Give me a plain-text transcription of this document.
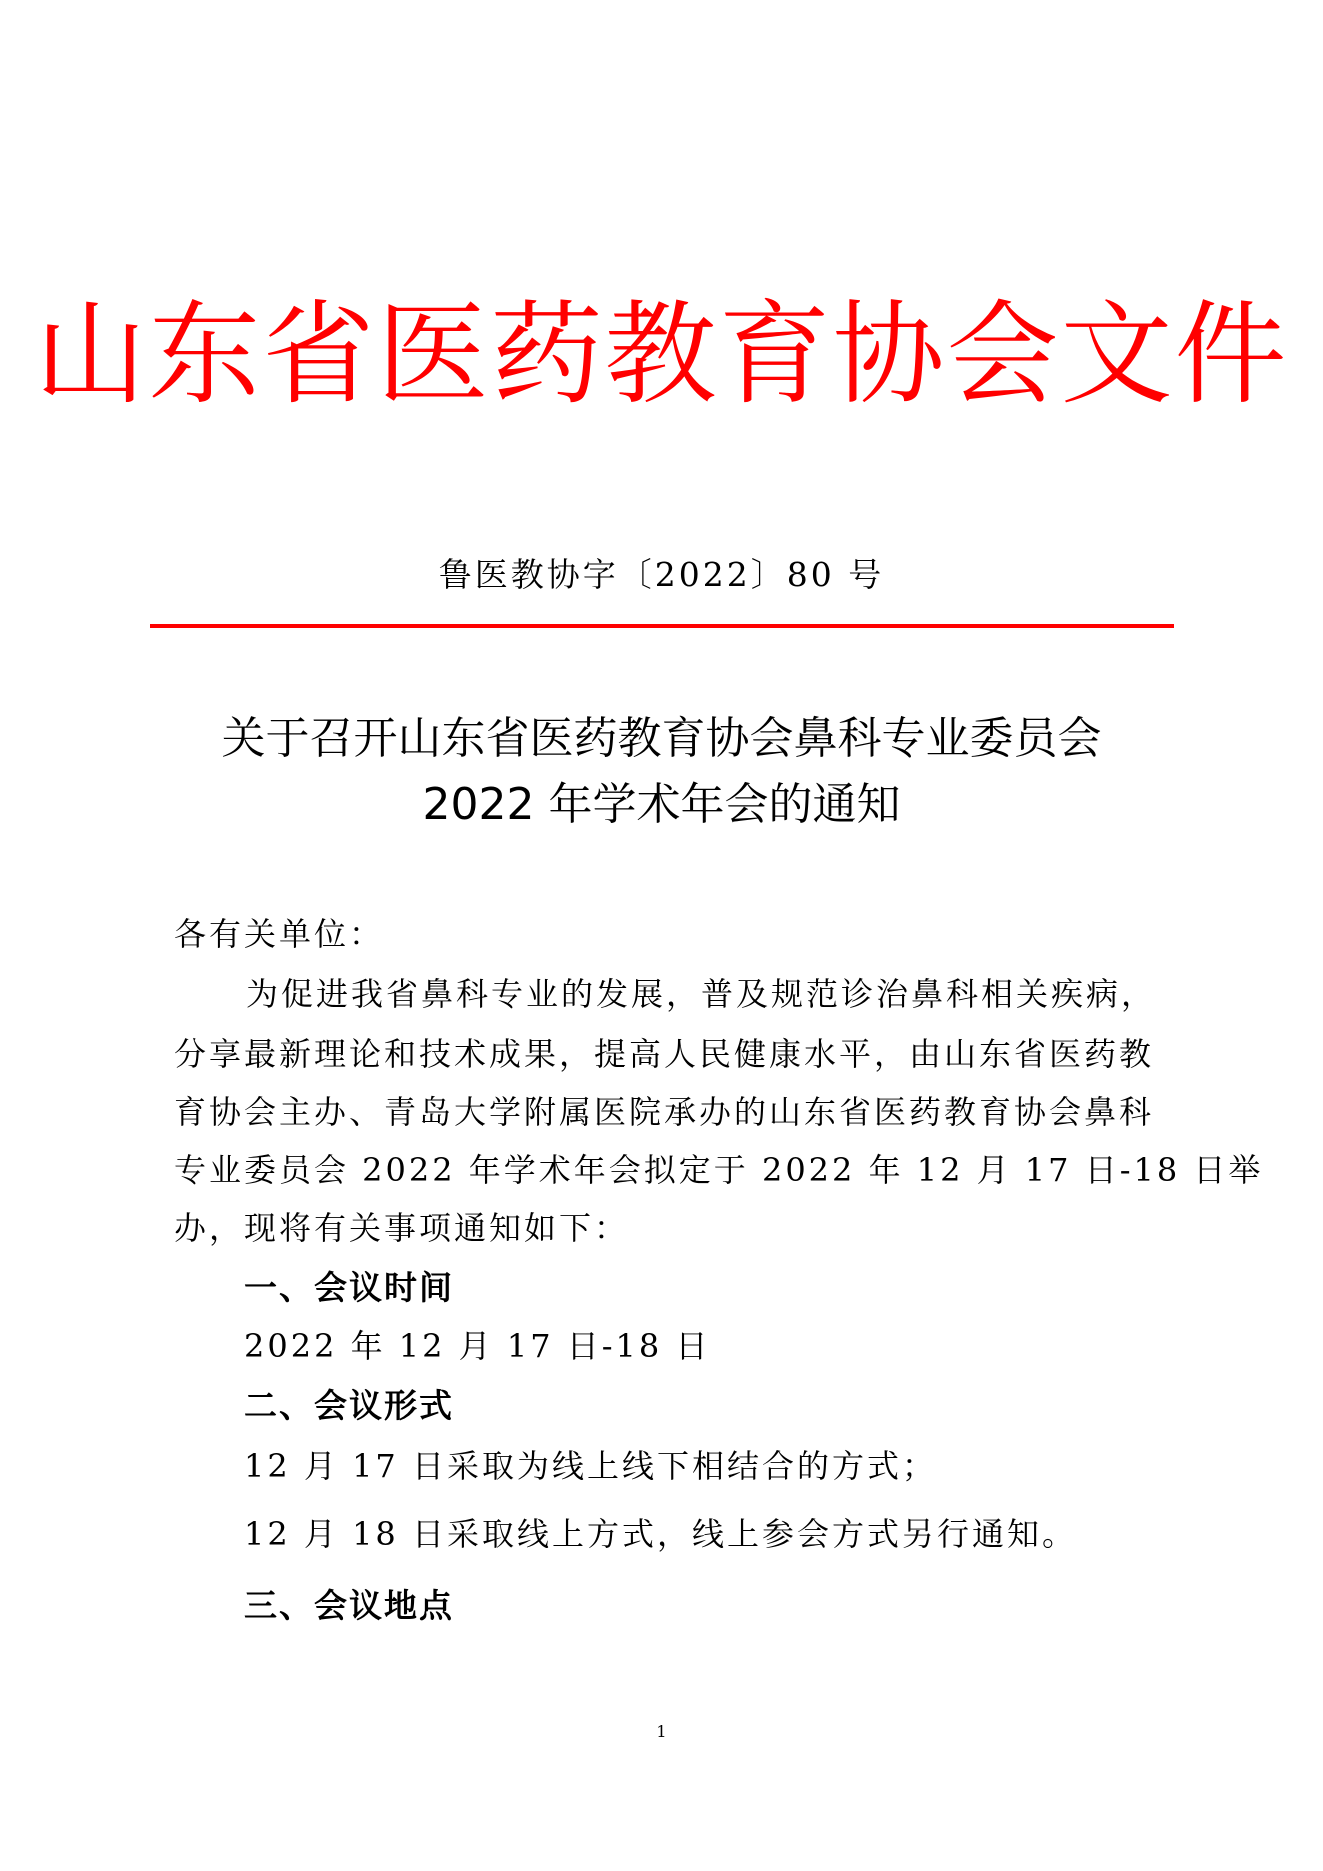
山东省医药教育协会文件
鲁医教协字〔2022〕80 号
关于召开山东省医药教育协会鼻科专业委员会
2022 年学术年会的通知
各有关单位：
为促进我省鼻科专业的发展，普及规范诊治鼻科相关疾病，
分享最新理论和技术成果，提高人民健康水平，由山东省医药教
育协会主办、青岛大学附属医院承办的山东省医药教育协会鼻科
专业委员会 2022 年学术年会拟定于 2022 年 12 月 17 日-18 日举
办，现将有关事项通知如下：
一、会议时间
2022 年 12 月 17 日-18 日
二、会议形式
12 月 17 日采取为线上线下相结合的方式；
12 月 18 日采取线上方式，线上参会方式另行通知。
三、会议地点
1
